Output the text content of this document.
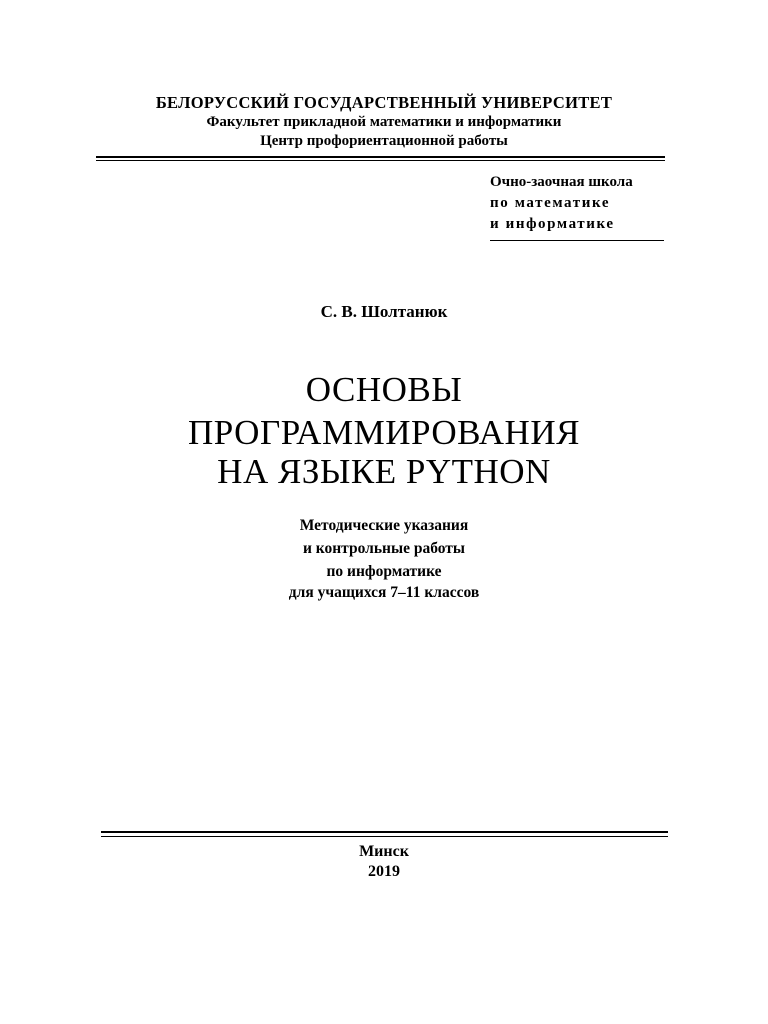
БЕЛОРУССКИЙ ГОСУДАРСТВЕННЫЙ УНИВЕРСИТЕТ
Факультет прикладной математики и информатики
Центр профориентационной работы
Очно-заочная школа
по математике
и информатике
С. В. Шолтанюк
ОСНОВЫ
ПРОГРАММИРОВАНИЯ
НА ЯЗЫКЕ PYTHON
Методические указания
и контрольные работы
по информатике
для учащихся 7–11 классов
Минск
2019
